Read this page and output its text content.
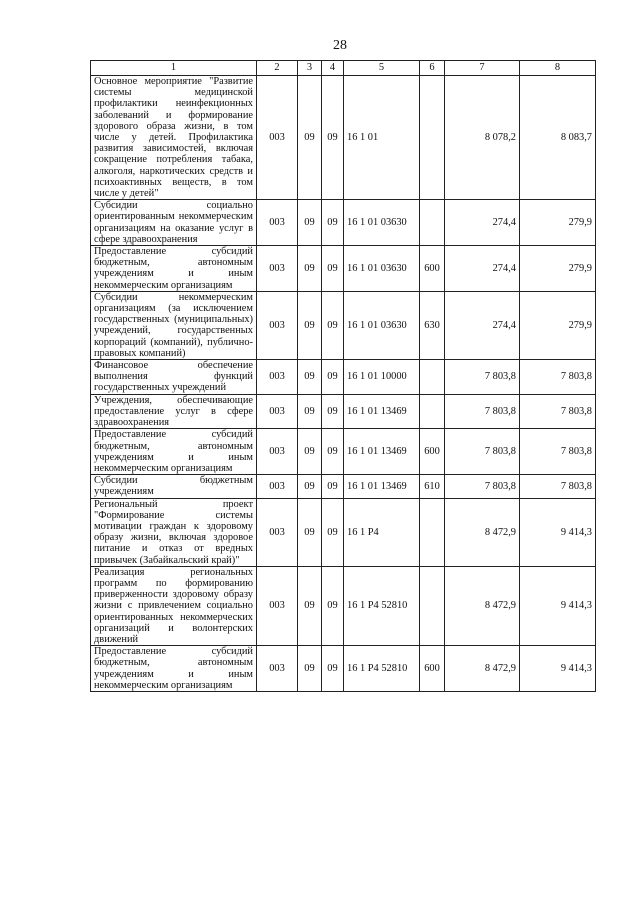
28
1	2	3	4	5	6	7	8
Основное мероприятие "Развитие системы медицинской профилактики неинфекционных заболеваний и формирование здорового образа жизни, в том числе у детей. Профилактика развития зависимостей, включая сокращение потребления табака, алкоголя, наркотических средств и психоактивных веществ, в том числе у детей"	003	09	09	16 1 01		8 078,2	8 083,7
Субсидии социально ориентированным некоммерческим организациям на оказание услуг в сфере здравоохранения	003	09	09	16 1 01 03630		274,4	279,9
Предоставление субсидий бюджетным, автономным учреждениям и иным некоммерческим организациям	003	09	09	16 1 01 03630	600	274,4	279,9
Субсидии некоммерческим организациям (за исключением государственных (муниципальных) учреждений, государственных корпораций (компаний), публично-правовых компаний)	003	09	09	16 1 01 03630	630	274,4	279,9
Финансовое обеспечение выполнения функций государственных учреждений	003	09	09	16 1 01 10000		7 803,8	7 803,8
Учреждения, обеспечивающие предоставление услуг в сфере здравоохранения	003	09	09	16 1 01 13469		7 803,8	7 803,8
Предоставление субсидий бюджетным, автономным учреждениям и иным некоммерческим организациям	003	09	09	16 1 01 13469	600	7 803,8	7 803,8
Субсидии бюджетным учреждениям	003	09	09	16 1 01 13469	610	7 803,8	7 803,8
Региональный проект "Формирование системы мотивации граждан к здоровому образу жизни, включая здоровое питание и отказ от вредных привычек (Забайкальский край)"	003	09	09	16 1 P4		8 472,9	9 414,3
Реализация региональных программ по формированию приверженности здоровому образу жизни с привлечением социально ориентированных некоммерческих организаций и волонтерских движений	003	09	09	16 1 P4 52810		8 472,9	9 414,3
Предоставление субсидий бюджетным, автономным учреждениям и иным некоммерческим организациям	003	09	09	16 1 P4 52810	600	8 472,9	9 414,3
